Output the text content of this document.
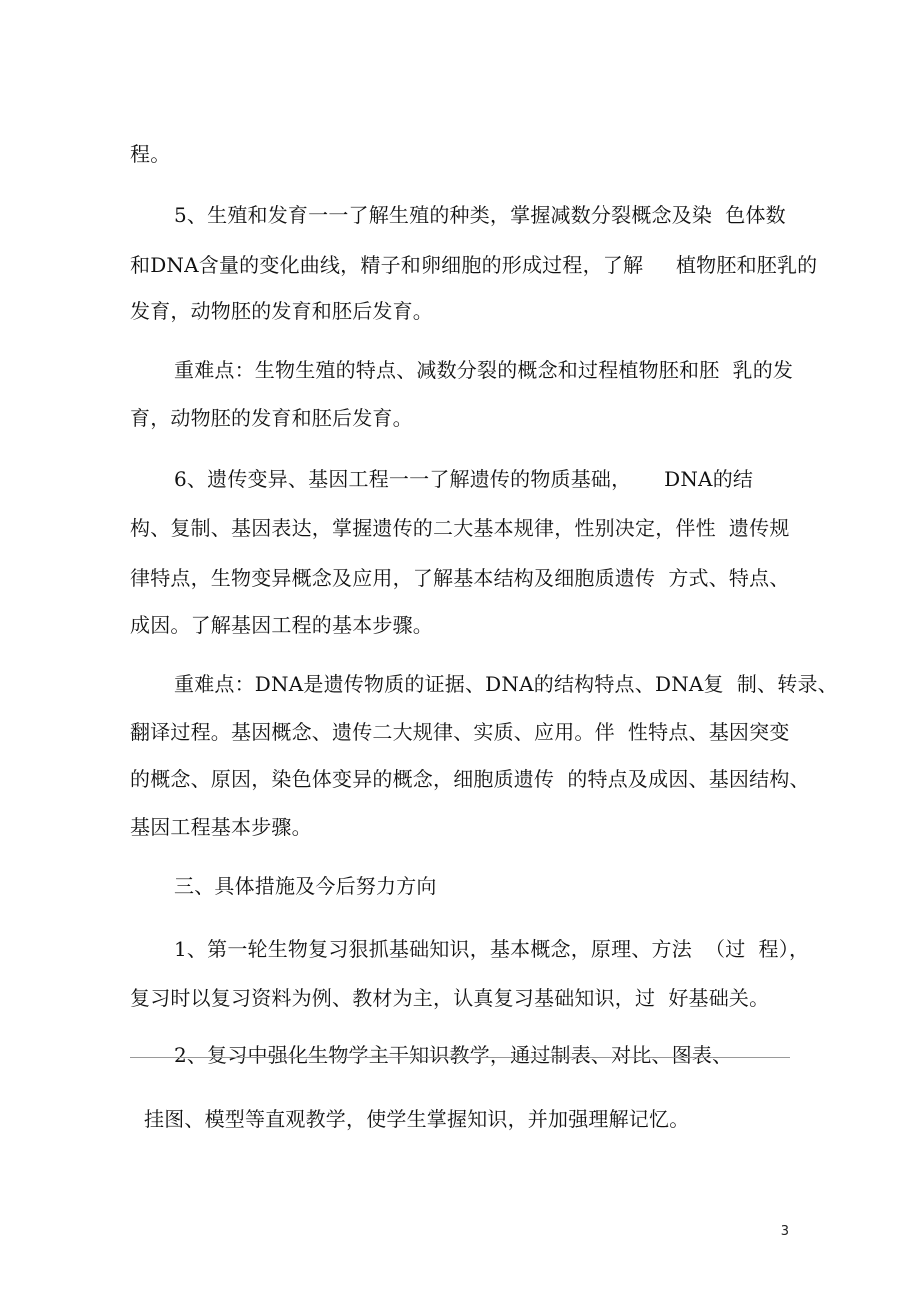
程。
5、生殖和发育一一了解生殖的种类，掌握减数分裂概念及染  色体数
和DNA含量的变化曲线，精子和卵细胞的形成过程，了解     植物胚和胚乳的
发育，动物胚的发育和胚后发育。
重难点：生物生殖的特点、减数分裂的概念和过程植物胚和胚  乳的发
育，动物胚的发育和胚后发育。
6、遗传变异、基因工程一一了解遗传的物质基础，     DNA的结
构、复制、基因表达，掌握遗传的二大基本规律，性别决定，伴性  遗传规
律特点，生物变异概念及应用，了解基本结构及细胞质遗传  方式、特点、
成因。了解基因工程的基本步骤。
重难点：DNA是遗传物质的证据、DNA的结构特点、DNA复  制、转录、
翻译过程。基因概念、遗传二大规律、实质、应用。伴  性特点、基因突变
的概念、原因，染色体变异的概念，细胞质遗传  的特点及成因、基因结构、
基因工程基本步骤。
三、具体措施及今后努力方向
1、第一轮生物复习狠抓基础知识，基本概念，原理、方法  （过  程），
复习时以复习资料为例、教材为主，认真复习基础知识，过  好基础关。
2、复习中强化生物学主干知识教学，通过制表、对比、图表、
挂图、模型等直观教学，使学生掌握知识，并加强理解记忆。
3
